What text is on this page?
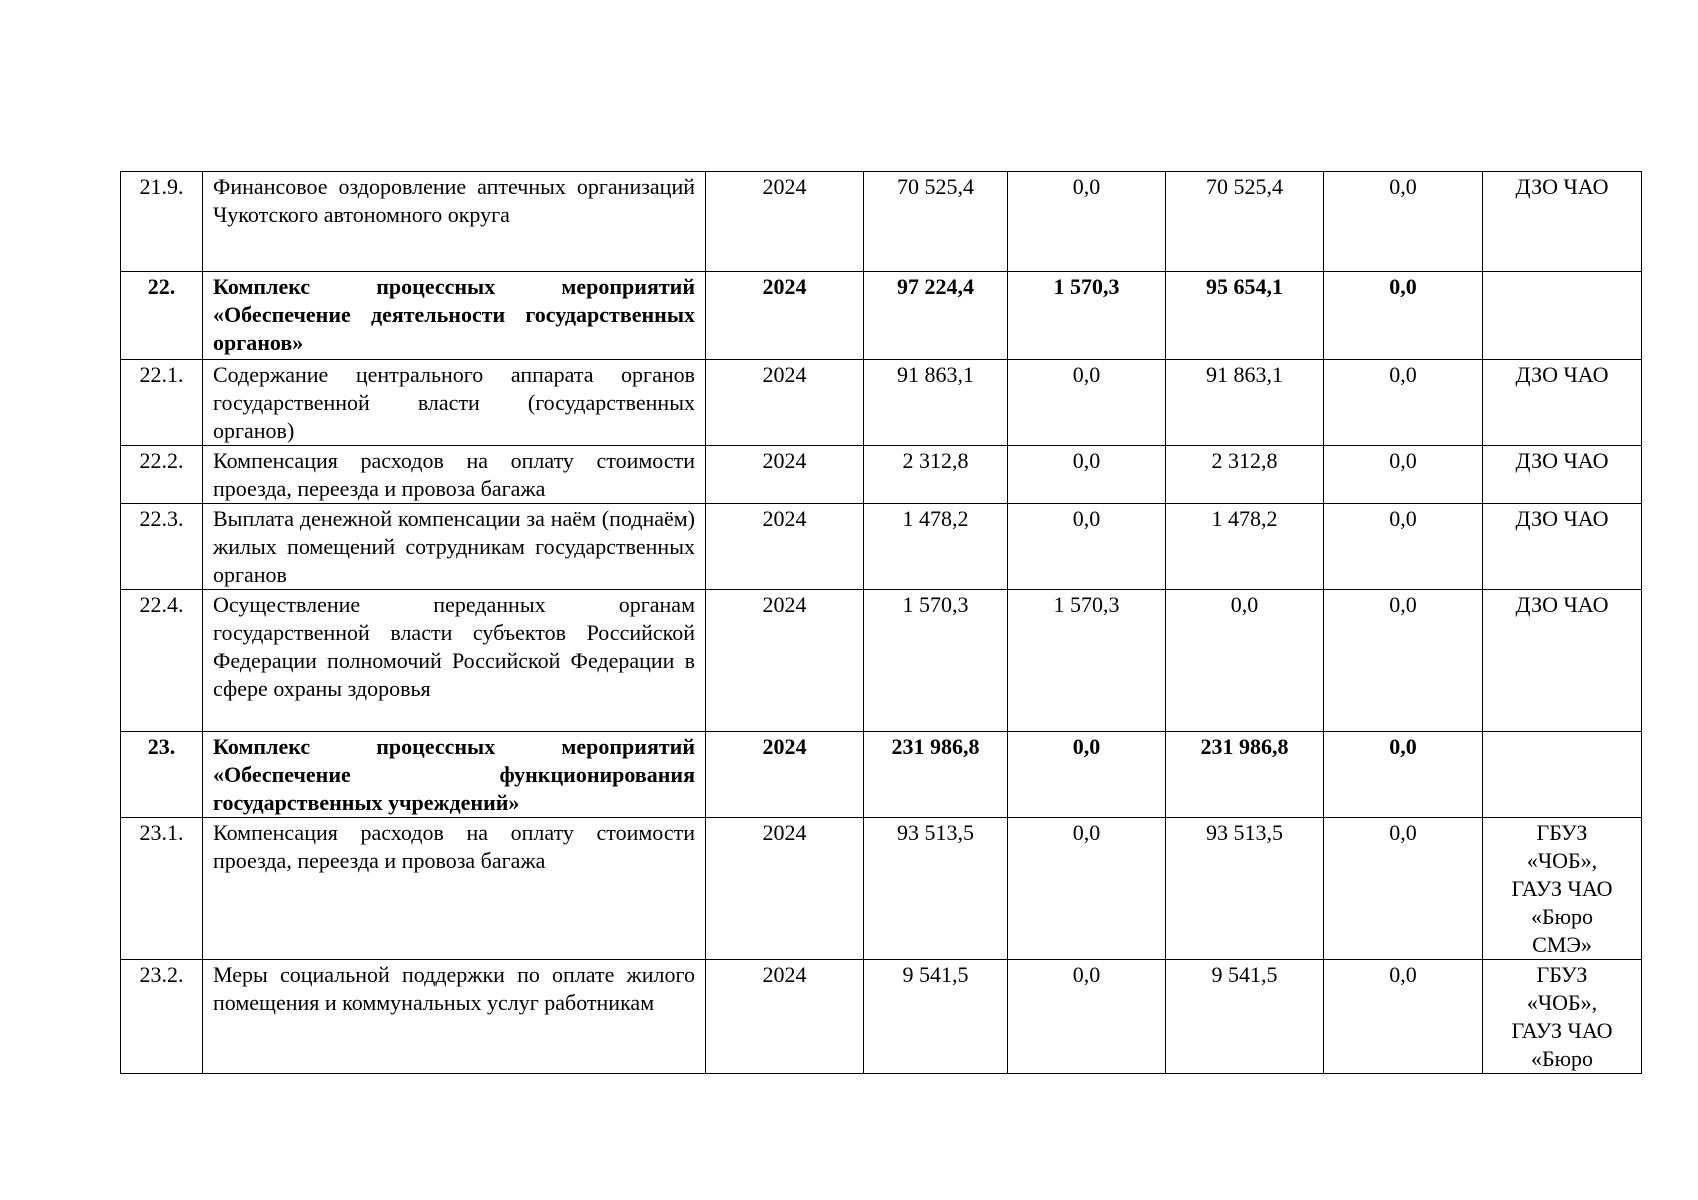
21.9.	Финансовое оздоровление аптечных организаций Чукотского автономного округа	2024	70 525,4	0,0	70 525,4	0,0	ДЗО ЧАО

22.	Комплекс процессных мероприятий «Обеспечение деятельности государственных органов»	2024	97 224,4	1 570,3	95 654,1	0,0	
22.1.	Содержание центрального аппарата органов государственной власти (государственных органов)	2024	91 863,1	0,0	91 863,1	0,0	ДЗО ЧАО

22.2.	Компенсация расходов на оплату стоимости проезда, переезда и провоза багажа	2024	2 312,8	0,0	2 312,8	0,0	ДЗО ЧАО

22.3.	Выплата денежной компенсации за наём (поднаём) жилых помещений сотрудникам государственных органов	2024	1 478,2	0,0	1 478,2	0,0	ДЗО ЧАО

22.4.	Осуществление переданных органам государственной власти субъектов Российской Федерации полномочий Российской Федерации в сфере охраны здоровья	2024	1 570,3	1 570,3	0,0	0,0	ДЗО ЧАО

23.	Комплекс процессных мероприятий «Обеспечение функционирования государственных учреждений»	2024	231 986,8	0,0	231 986,8	0,0	
23.1.	Компенсация расходов на оплату стоимости проезда, переезда и провоза багажа	2024	93 513,5	0,0	93 513,5	0,0	ГБУЗ
«ЧОБ»,
ГАУЗ ЧАО
«Бюро
СМЭ»

23.2.	Меры социальной поддержки по оплате жилого помещения и коммунальных услуг работникам	2024	9 541,5	0,0	9 541,5	0,0	ГБУЗ
«ЧОБ»,
ГАУЗ ЧАО
«Бюро
